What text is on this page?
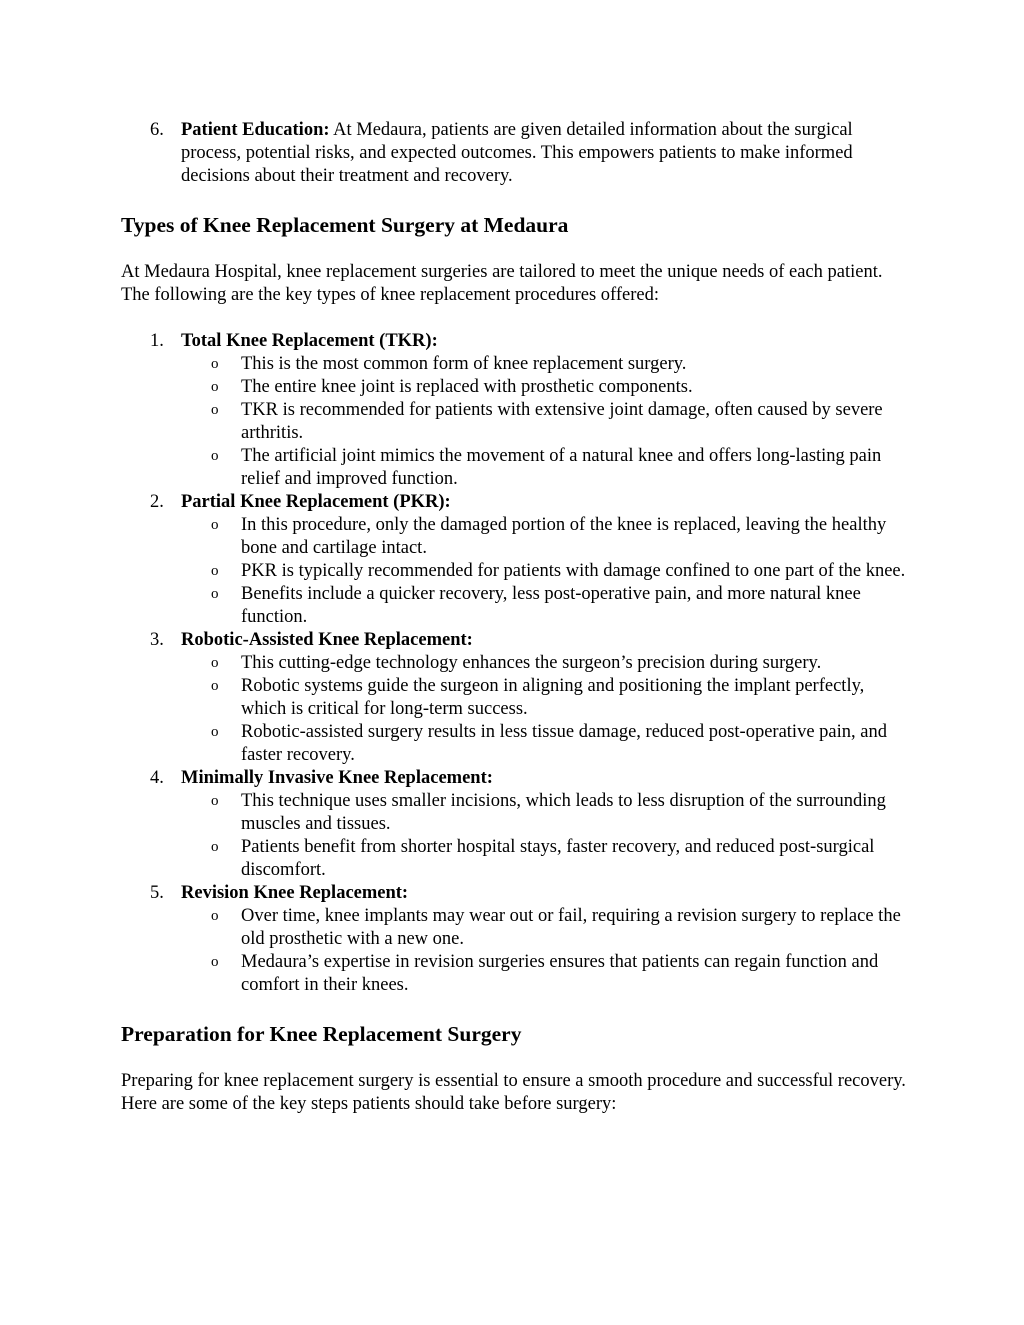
6. Patient Education: At Medaura, patients are given detailed information about the surgical process, potential risks, and expected outcomes. This empowers patients to make informed decisions about their treatment and recovery.
Types of Knee Replacement Surgery at Medaura

At Medaura Hospital, knee replacement surgeries are tailored to meet the unique needs of each patient. The following are the key types of knee replacement procedures offered:

1. Total Knee Replacement (TKR):
o This is the most common form of knee replacement surgery.
o The entire knee joint is replaced with prosthetic components.
o TKR is recommended for patients with extensive joint damage, often caused by severe arthritis.
o The artificial joint mimics the movement of a natural knee and offers long-lasting pain relief and improved function.
2. Partial Knee Replacement (PKR):
o In this procedure, only the damaged portion of the knee is replaced, leaving the healthy bone and cartilage intact.
o PKR is typically recommended for patients with damage confined to one part of the knee.
o Benefits include a quicker recovery, less post-operative pain, and more natural knee function.
3. Robotic-Assisted Knee Replacement:
o This cutting-edge technology enhances the surgeon’s precision during surgery.
o Robotic systems guide the surgeon in aligning and positioning the implant perfectly, which is critical for long-term success.
o Robotic-assisted surgery results in less tissue damage, reduced post-operative pain, and faster recovery.
4. Minimally Invasive Knee Replacement:
o This technique uses smaller incisions, which leads to less disruption of the surrounding muscles and tissues.
o Patients benefit from shorter hospital stays, faster recovery, and reduced post-surgical discomfort.
5. Revision Knee Replacement:
o Over time, knee implants may wear out or fail, requiring a revision surgery to replace the old prosthetic with a new one.
o Medaura’s expertise in revision surgeries ensures that patients can regain function and comfort in their knees.
Preparation for Knee Replacement Surgery

Preparing for knee replacement surgery is essential to ensure a smooth procedure and successful recovery. Here are some of the key steps patients should take before surgery:
